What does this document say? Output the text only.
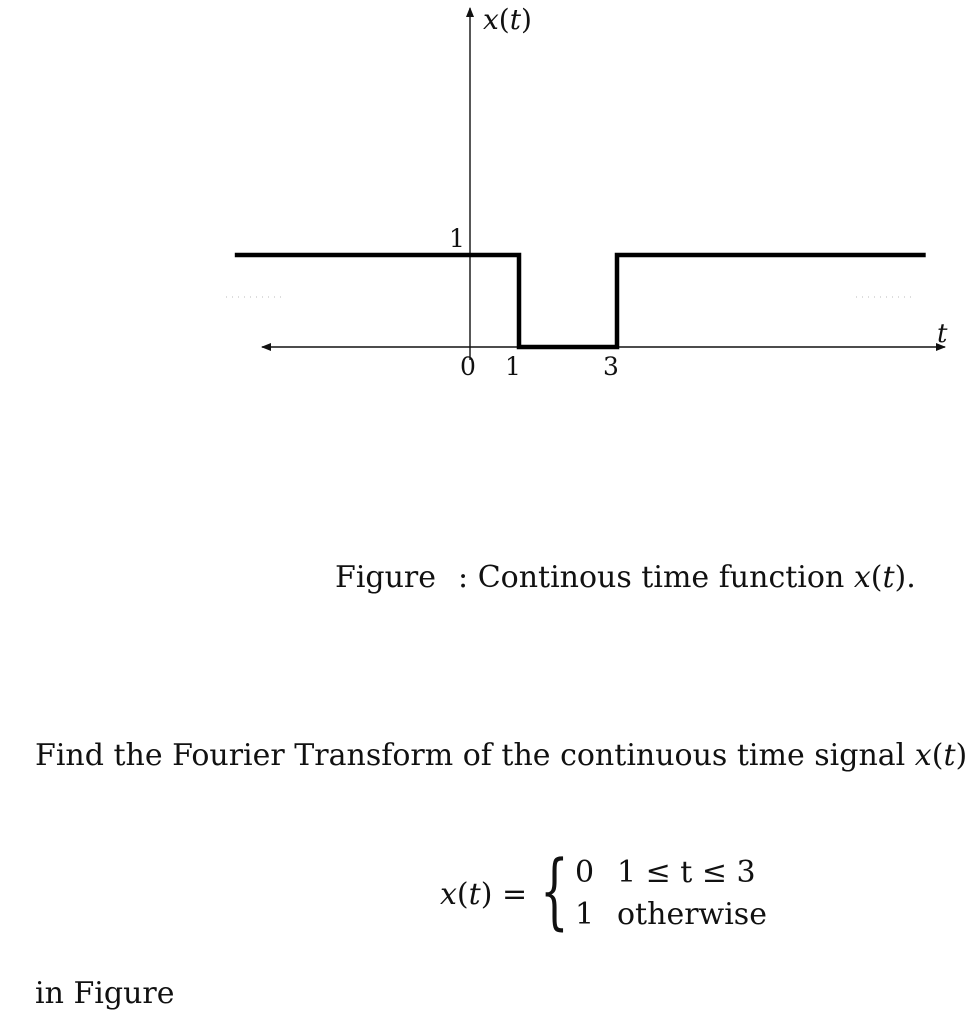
x(t)
t
1
0 1	3
Figure : Continous time function x(t).
Find the Fourier Transform of the continuous time signal x(t)
x(t) = { 0 1 ≤ t ≤ 3
1 otherwise
in Figure
